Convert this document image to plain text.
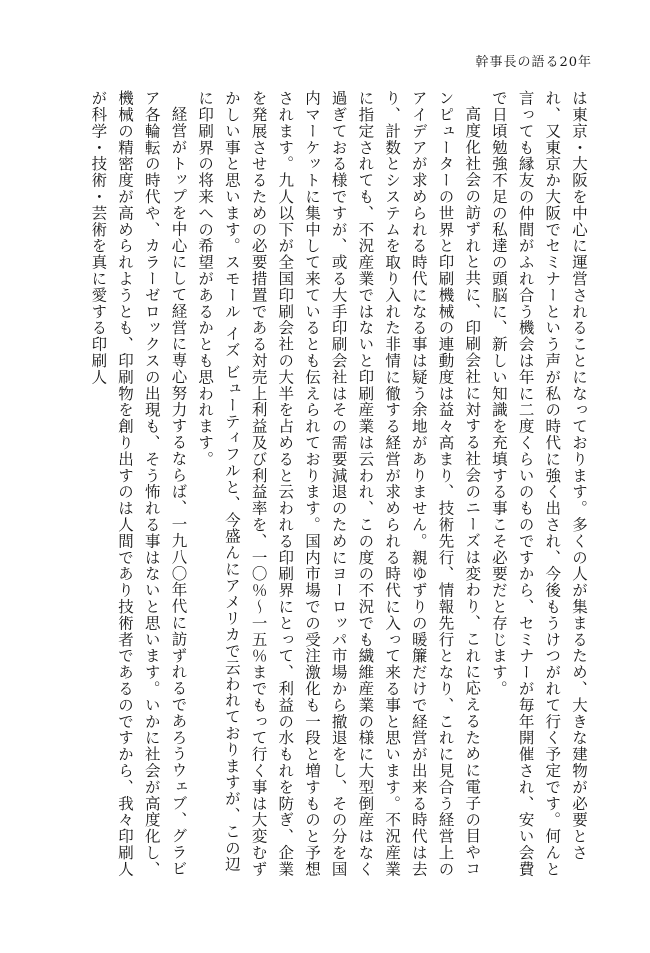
幹事長の語る20年

は東京・大阪を中心に運営されることになっております。多くの人が集まるため、大きな建物が必要とされ、又東京か大阪でセミナーという声が私の時代に強く出され、今後もうけつがれて行く予定です。何んと言っても縁友の仲間がふれ合う機会は年に二度くらいのものですから、セミナーが毎年開催され、安い会費で日頃勉強不足の私達の頭脳に、新しい知識を充填する事こそ必要だと存じます。

高度化社会の訪ずれと共に、印刷会社に対する社会のニーズは変わり、これに応えるために電子の目やコンピューターの世界と印刷機械の連動度は益々高まり、技術先行、情報先行となり、これに見合う経営上のアイデアが求められる時代になる事は疑う余地がありません。親ゆずりの暖簾だけで経営が出来る時代は去り、計数とシステムを取り入れた非情に徹する経営が求められる時代に入って来る事と思います。不況産業に指定されても、不況産業ではないと印刷産業は云われ、この度の不況でも繊維産業の様に大型倒産はなく過ぎておる様ですが、或る大手印刷会社はその需要減退のためにヨーロッパ市場から撤退をし、その分を国内マーケットに集中して来ているとも伝えられております。国内市場での受注激化も一段と増すものと予想されます。九人以下が全国印刷会社の大半を占めると云われる印刷界にとって、利益の水もれを防ぎ、企業を発展させるための必要措置である対売上利益及び利益率を、一〇％〜一五％までもって行く事は大変むずかしい事と思います。スモール イズ ビューティフルと、今盛んにアメリカで云われておりますが、この辺に印刷界の将来への希望があるかとも思われます。

経営がトップを中心にして経営に専心努力するならば、一九八〇年代に訪ずれるであろうウェブ、グラビア各輪転の時代や、カラーゼロックスの出現も、そう怖れる事はないと思います。いかに社会が高度化し、機械の精密度が高められようとも、印刷物を創り出すのは人間であり技術者であるのですから、我々印刷人が科学・技術・芸術を真に愛する印刷人
